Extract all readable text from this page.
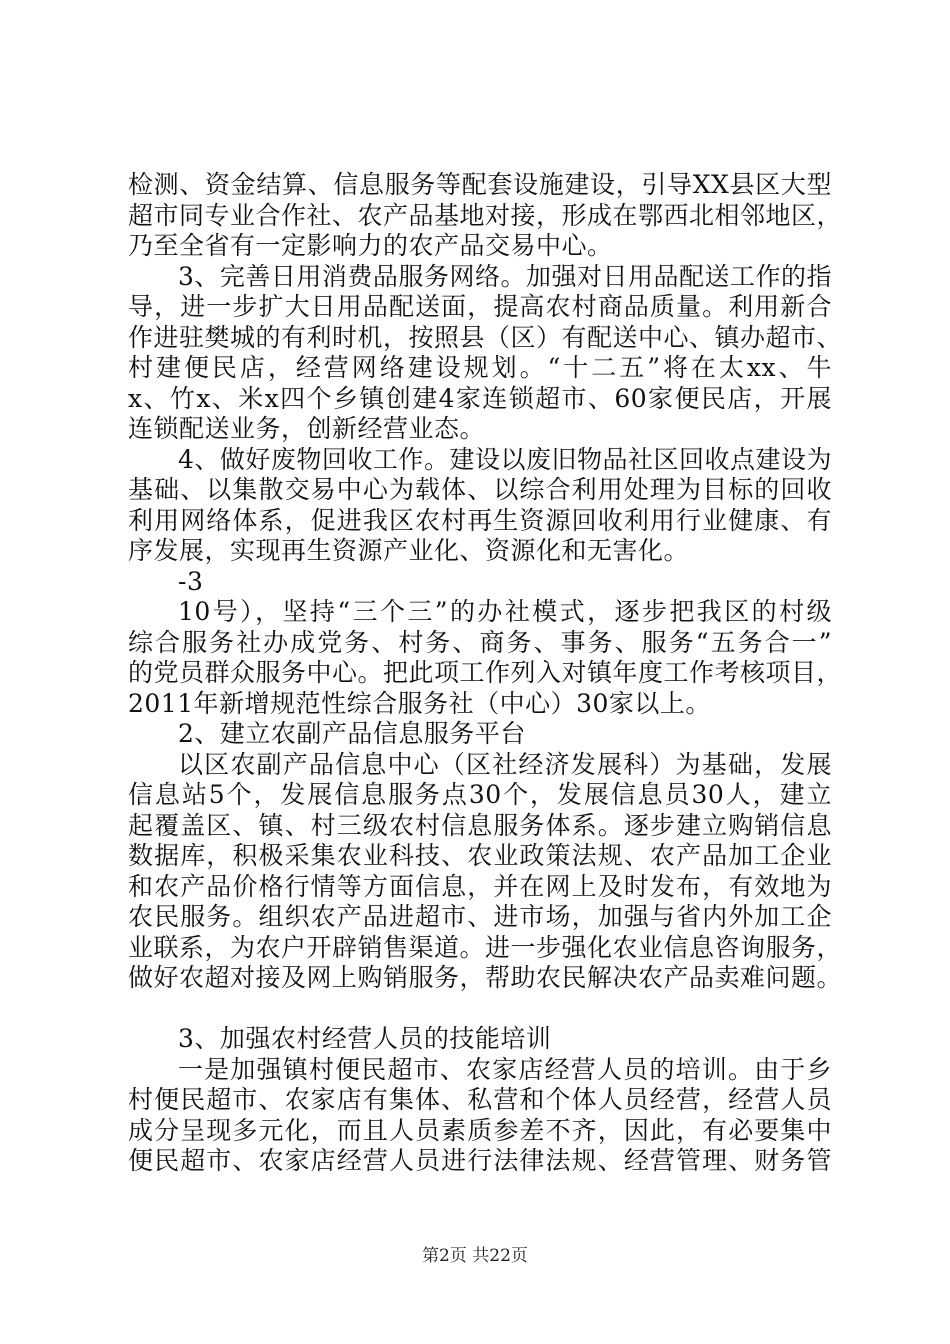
检测、资金结算、信息服务等配套设施建设，引导XX县区大型
超市同专业合作社、农产品基地对接，形成在鄂西北相邻地区，
乃至全省有一定影响力的农产品交易中心。
3、完善日用消费品服务网络。加强对日用品配送工作的指
导，进一步扩大日用品配送面，提高农村商品质量。利用新合
作进驻樊城的有利时机，按照县（区）有配送中心、镇办超市、
村建便民店，经营网络建设规划。“十二五”将在太xx、牛
x、竹x、米x四个乡镇创建4家连锁超市、60家便民店，开展
连锁配送业务，创新经营业态。
4、做好废物回收工作。建设以废旧物品社区回收点建设为
基础、以集散交易中心为载体、以综合利用处理为目标的回收
利用网络体系，促进我区农村再生资源回收利用行业健康、有
序发展，实现再生资源产业化、资源化和无害化。
-3
10号），坚持“三个三”的办社模式，逐步把我区的村级
综合服务社办成党务、村务、商务、事务、服务“五务合一”
的党员群众服务中心。把此项工作列入对镇年度工作考核项目，
2011年新增规范性综合服务社（中心）30家以上。
2、建立农副产品信息服务平台
以区农副产品信息中心（区社经济发展科）为基础，发展
信息站5个，发展信息服务点30个，发展信息员30人，建立
起覆盖区、镇、村三级农村信息服务体系。逐步建立购销信息
数据库，积极采集农业科技、农业政策法规、农产品加工企业
和农产品价格行情等方面信息，并在网上及时发布，有效地为
农民服务。组织农产品进超市、进市场，加强与省内外加工企
业联系，为农户开辟销售渠道。进一步强化农业信息咨询服务，
做好农超对接及网上购销服务，帮助农民解决农产品卖难问题。
3、加强农村经营人员的技能培训
一是加强镇村便民超市、农家店经营人员的培训。由于乡
村便民超市、农家店有集体、私营和个体人员经营，经营人员
成分呈现多元化，而且人员素质参差不齐，因此，有必要集中
便民超市、农家店经营人员进行法律法规、经营管理、财务管
第2页 共22页
